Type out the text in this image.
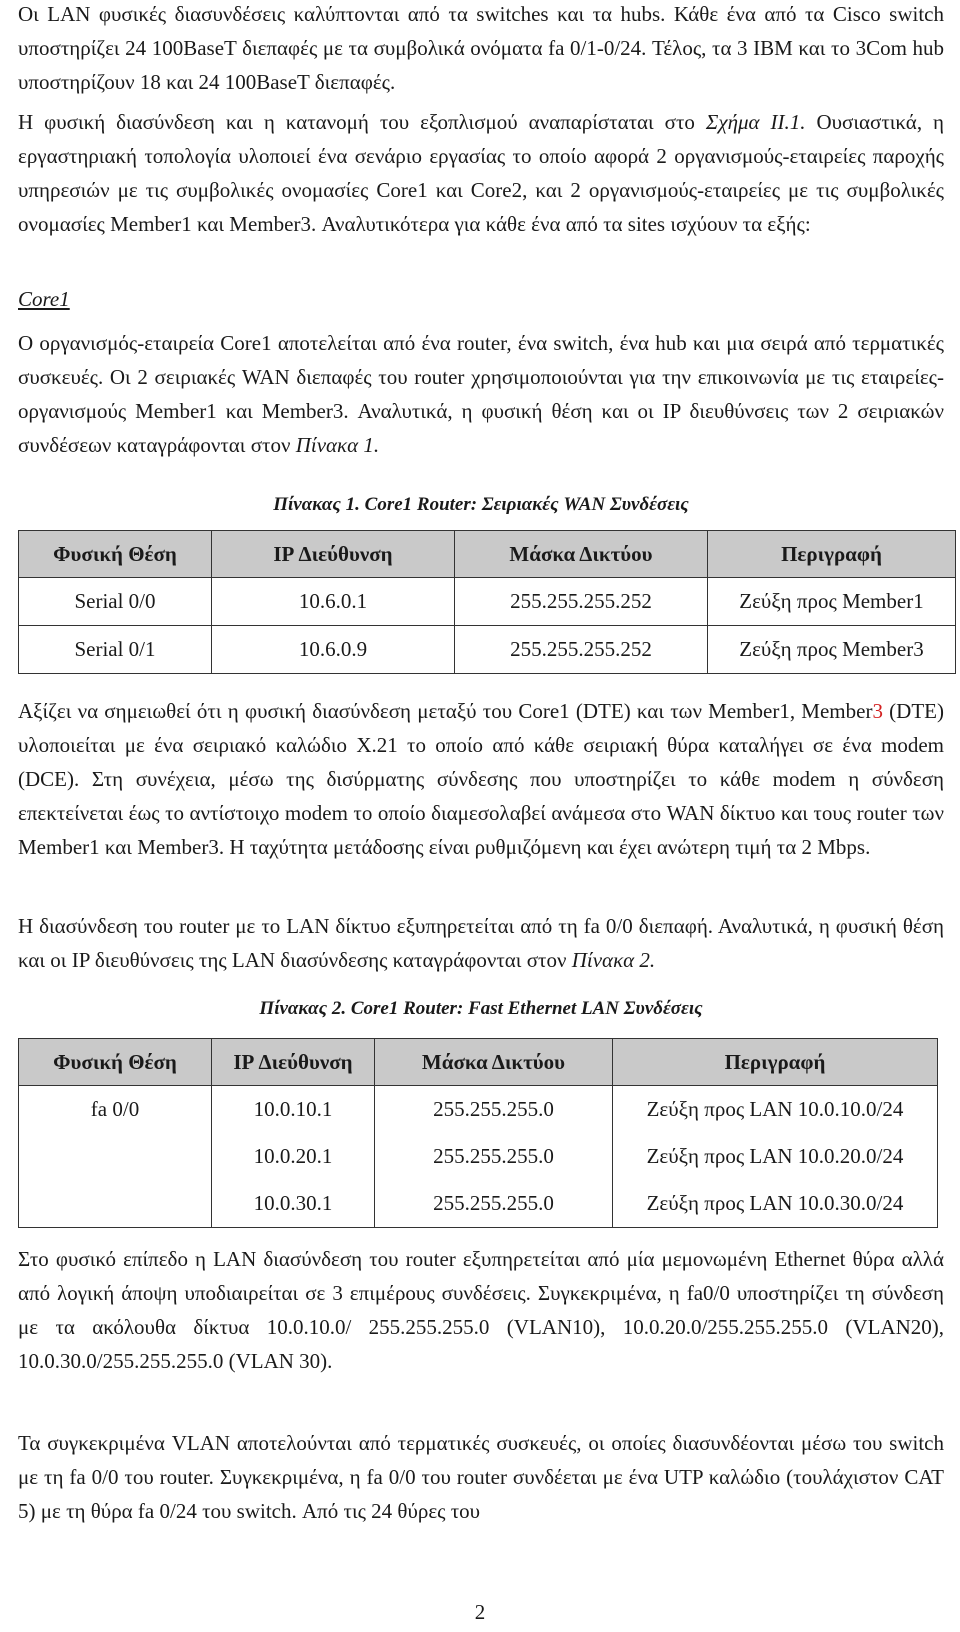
Οι LAN φυσικές διασυνδέσεις καλύπτονται από τα switches και τα hubs. Κάθε ένα από τα Cisco switch υποστηρίζει 24 100BaseT διεπαφές με τα συμβολικά ονόματα fa 0/1-0/24. Τέλος, τα 3 IBM και το 3Com hub υποστηρίζουν 18 και 24 100BaseT διεπαφές.

Η φυσική διασύνδεση και η κατανομή του εξοπλισμού αναπαρίσταται στο Σχήμα ΙΙ.1. Ουσιαστικά, η εργαστηριακή τοπολογία υλοποιεί ένα σενάριο εργασίας το οποίο αφορά 2 οργανισμούς-εταιρείες παροχής υπηρεσιών με τις συμβολικές ονομασίες Core1 και Core2, και 2 οργανισμούς-εταιρείες με τις συμβολικές ονομασίες Member1 και Member3. Αναλυτικότερα για κάθε ένα από τα sites ισχύουν τα εξής:

Core1

Ο οργανισμός-εταιρεία Core1 αποτελείται από ένα router, ένα switch, ένα hub και μια σειρά από τερματικές συσκευές. Οι 2 σειριακές WAN διεπαφές του router χρησιμοποιούνται για την επικοινωνία με τις εταιρείες-οργανισμούς Member1 και Member3. Αναλυτικά, η φυσική θέση και οι IP διευθύνσεις των 2 σειριακών συνδέσεων καταγράφονται στον Πίνακα 1.

Πίνακας 1. Core1 Router: Σειριακές WAN Συνδέσεις

Φυσική Θέση	IP Διεύθυνση	Μάσκα Δικτύου	Περιγραφή
Serial 0/0	10.6.0.1	255.255.255.252	Ζεύξη προς Member1
Serial 0/1	10.6.0.9	255.255.255.252	Ζεύξη προς Member3

Αξίζει να σημειωθεί ότι η φυσική διασύνδεση μεταξύ του Core1 (DTE) και των Member1, Member3 (DTE) υλοποιείται με ένα σειριακό καλώδιο X.21 το οποίο από κάθε σειριακή θύρα καταλήγει σε ένα modem (DCE). Στη συνέχεια, μέσω της δισύρματης σύνδεσης που υποστηρίζει το κάθε modem η σύνδεση επεκτείνεται έως το αντίστοιχο modem το οποίο διαμεσολαβεί ανάμεσα στο WAN δίκτυο και τους router των Member1 και Member3. Η ταχύτητα μετάδοσης είναι ρυθμιζόμενη και έχει ανώτερη τιμή τα 2 Mbps.

Η διασύνδεση του router με το LAN δίκτυο εξυπηρετείται από τη fa 0/0 διεπαφή. Αναλυτικά, η φυσική θέση και οι IP διευθύνσεις της LAN διασύνδεσης καταγράφονται στον Πίνακα 2.

Πίνακας 2. Core1 Router: Fast Ethernet LAN Συνδέσεις

Φυσική Θέση	IP Διεύθυνση	Μάσκα Δικτύου	Περιγραφή
fa 0/0	10.0.10.1	255.255.255.0	Ζεύξη προς LAN 10.0.10.0/24
	10.0.20.1	255.255.255.0	Ζεύξη προς LAN 10.0.20.0/24
	10.0.30.1	255.255.255.0	Ζεύξη προς LAN 10.0.30.0/24

Στο φυσικό επίπεδο η LAN διασύνδεση του router εξυπηρετείται από μία μεμονωμένη Ethernet θύρα αλλά από λογική άποψη υποδιαιρείται σε 3 επιμέρους συνδέσεις. Συγκεκριμένα, η fa0/0 υποστηρίζει τη σύνδεση με τα ακόλουθα δίκτυα 10.0.10.0/ 255.255.255.0 (VLAN10), 10.0.20.0/255.255.255.0 (VLAN20), 10.0.30.0/255.255.255.0 (VLAN 30).

Τα συγκεκριμένα VLAN αποτελούνται από τερματικές συσκευές, οι οποίες διασυνδέονται μέσω του switch με τη fa 0/0 του router. Συγκεκριμένα, η fa 0/0 του router συνδέεται με ένα UTP καλώδιο (τουλάχιστον CAT 5) με τη θύρα fa 0/24 του switch. Από τις 24 θύρες του

2
